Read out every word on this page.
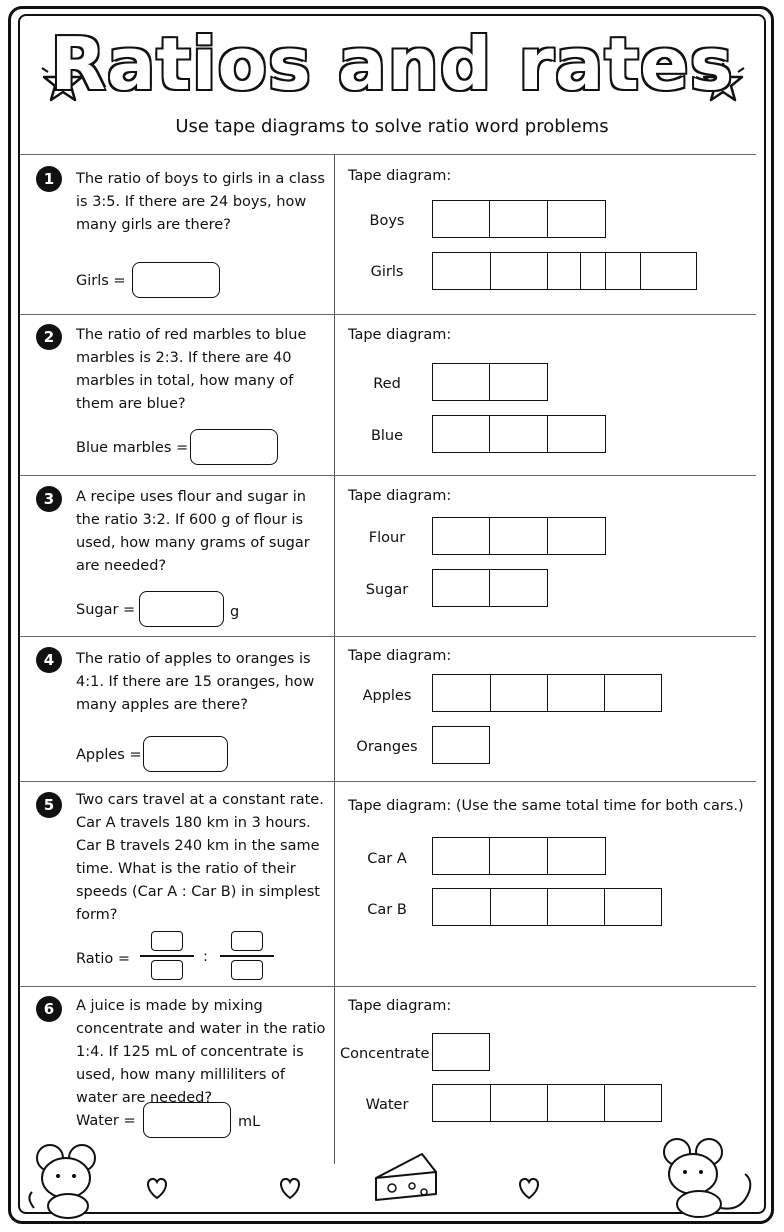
Ratios and rates
Use tape diagrams to solve ratio word problems
1	The ratio of boys to girls in a class is 3:5. If there are 24 boys, how many girls are there?
Girls =
Tape diagram:
Boys
Girls
2	The ratio of red marbles to blue marbles is 2:3. If there are 40 marbles in total, how many of them are blue?
Blue marbles =
Tape diagram:
Red
Blue
3	A recipe uses flour and sugar in the ratio 3:2. If 600 g of flour is used, how many grams of sugar are needed?
Sugar =	g
Tape diagram:
Flour
Sugar
4	The ratio of apples to oranges is 4:1. If there are 15 oranges, how many apples are there?
Apples =
Tape diagram:
Apples
Oranges
5	Two cars travel at a constant rate. Car A travels 180 km in 3 hours. Car B travels 240 km in the same time. What is the ratio of their speeds (Car A : Car B) in simplest form?
Ratio =	:
Tape diagram: (Use the same total time for both cars.)
Car A
Car B
6	A juice is made by mixing concentrate and water in the ratio 1:4. If 125 mL of concentrate is used, how many milliliters of water are needed?
Water =	mL
Tape diagram:
Concentrate
Water
